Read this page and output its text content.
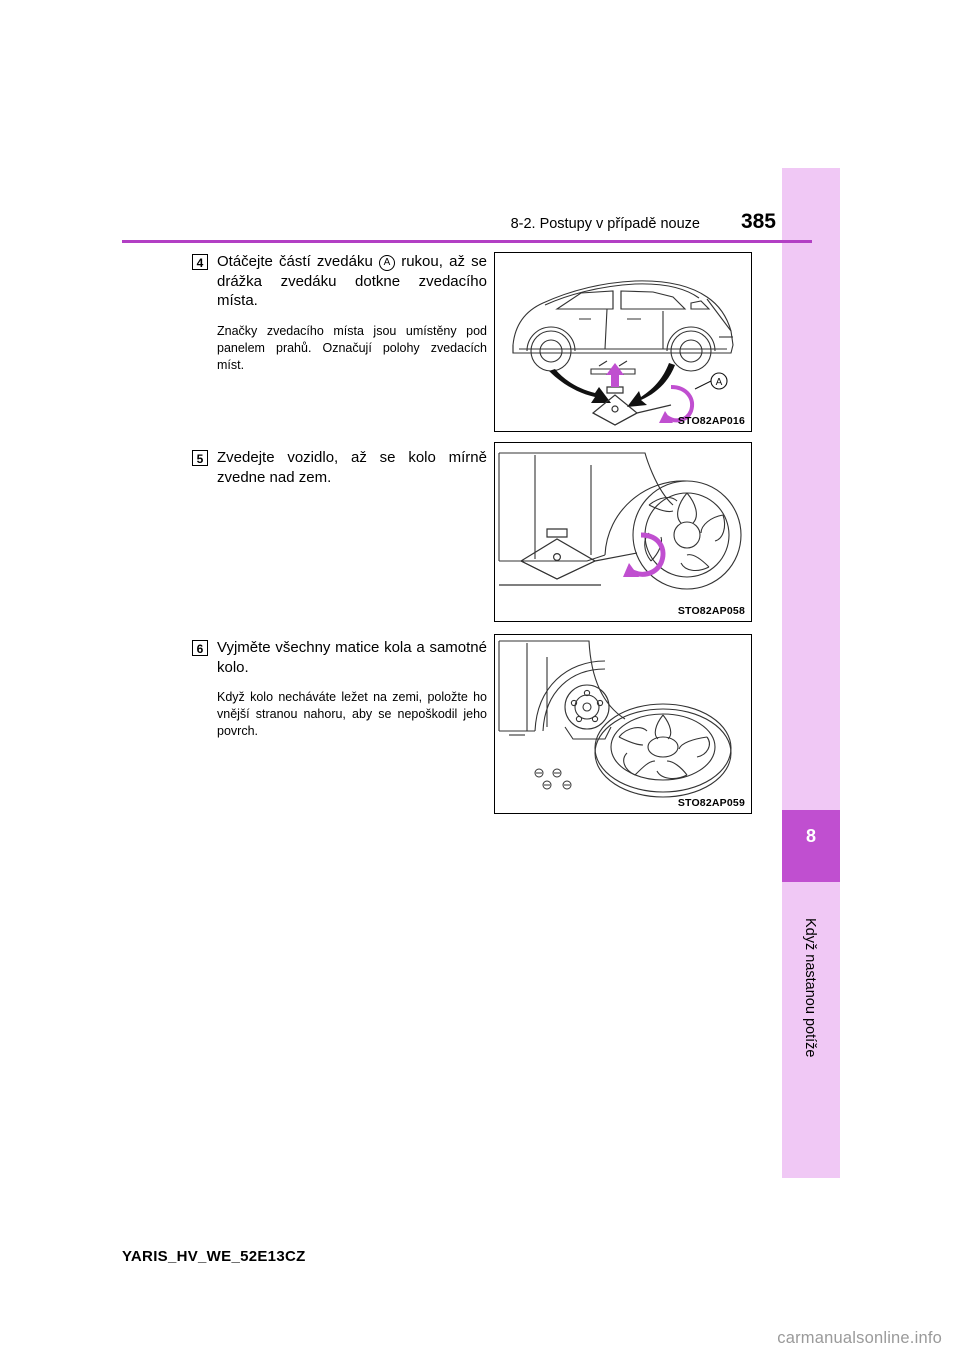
8
Když nastanou potíže
8-2. Postupy v případě nouze	385
4 Otáčejte částí zvedáku A rukou, až se drážka zvedáku dotkne zvedacího místa.

Značky zvedacího místa jsou umístěny pod panelem prahů. Označují polohy zvedacích míst.

5 Zvedejte vozidlo, až se kolo mírně zvedne nad zem.

6 Vyjměte všechny matice kola a samotné kolo.

Když kolo necháváte ležet na zemi, položte ho vnější stranou nahoru, aby se nepoškodil jeho povrch.

A
STO82AP016
STO82AP058
STO82AP059
YARIS_HV_WE_52E13CZ
carmanualsonline.info
